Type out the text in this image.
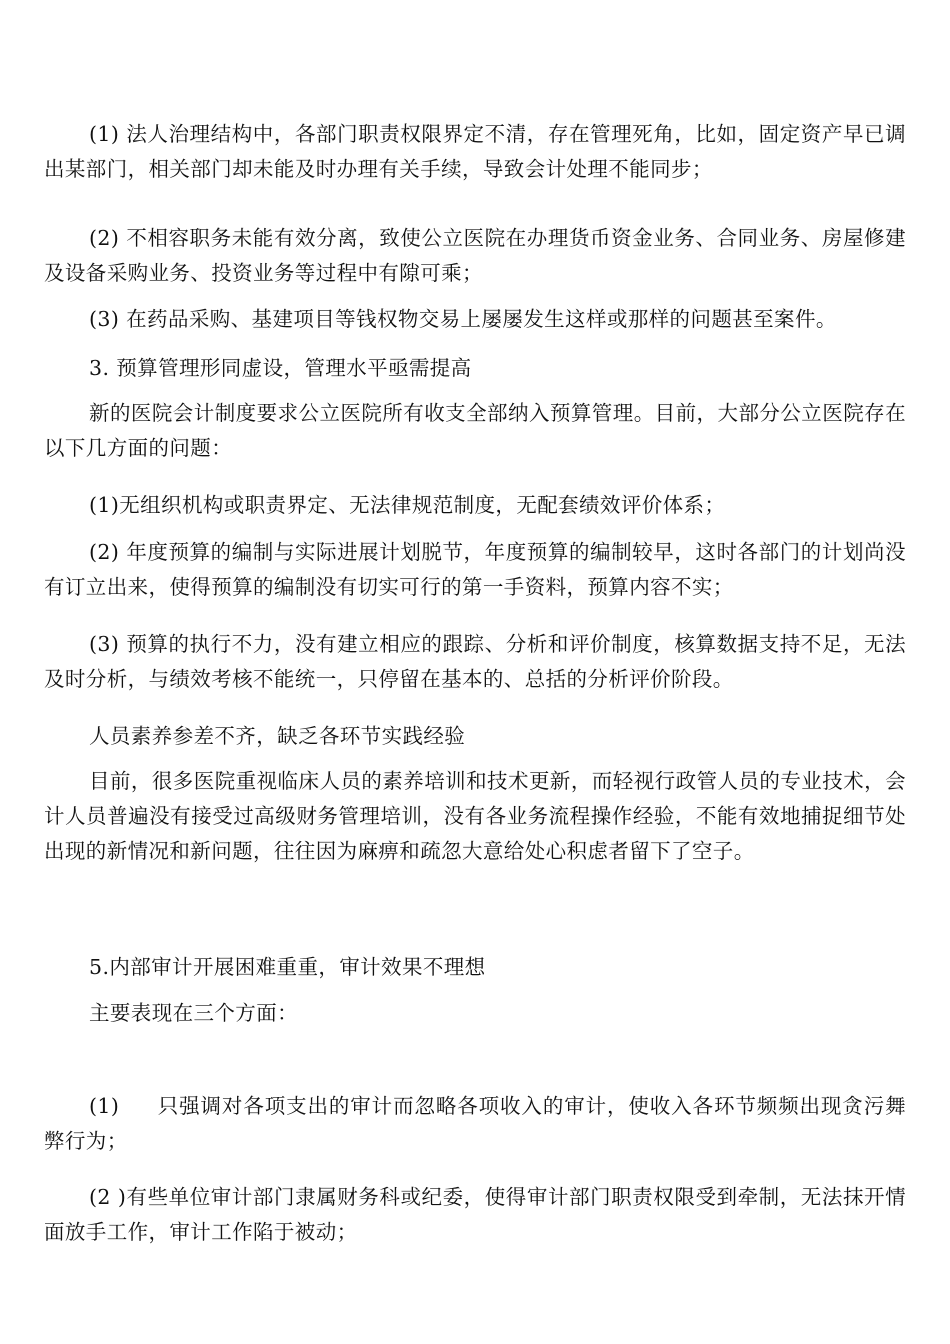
(1) 法人治理结构中，各部门职责权限界定不清，存在管理死角，比如，固定资产早已调出某部门，相关部门却未能及时办理有关手续，导致会计处理不能同步；

(2) 不相容职务未能有效分离，致使公立医院在办理货币资金业务、合同业务、房屋修建及设备采购业务、投资业务等过程中有隙可乘；

(3) 在药品采购、基建项目等钱权物交易上屡屡发生这样或那样的问题甚至案件。

3. 预算管理形同虚设，管理水平亟需提高

新的医院会计制度要求公立医院所有收支全部纳入预算管理。目前，大部分公立医院存在以下几方面的问题：

(1)无组织机构或职责界定、无法律规范制度，无配套绩效评价体系；

(2) 年度预算的编制与实际进展计划脱节，年度预算的编制较早，这时各部门的计划尚没有订立出来，使得预算的编制没有切实可行的第一手资料，预算内容不实；

(3) 预算的执行不力，没有建立相应的跟踪、分析和评价制度，核算数据支持不足，无法及时分析，与绩效考核不能统一，只停留在基本的、总括的分析评价阶段。

人员素养参差不齐，缺乏各环节实践经验

目前，很多医院重视临床人员的素养培训和技术更新，而轻视行政管人员的专业技术，会计人员普遍没有接受过高级财务管理培训，没有各业务流程操作经验，不能有效地捕捉细节处出现的新情况和新问题，往往因为麻痹和疏忽大意给处心积虑者留下了空子。

5.内部审计开展困难重重，审计效果不理想

主要表现在三个方面：

(1) 只强调对各项支出的审计而忽略各项收入的审计，使收入各环节频频出现贪污舞弊行为；

(2 )有些单位审计部门隶属财务科或纪委，使得审计部门职责权限受到牵制，无法抹开情面放手工作，审计工作陷于被动；
